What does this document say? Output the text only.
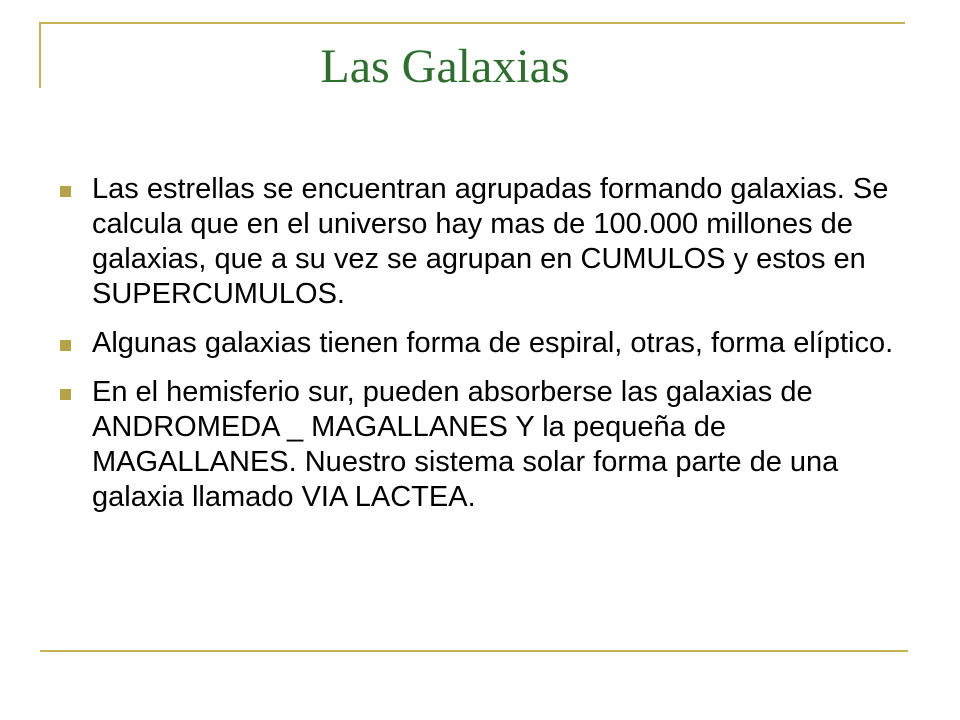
Las Galaxias
Las estrellas se encuentran agrupadas formando galaxias. Se calcula que en el universo hay mas de 100.000 millones de galaxias, que a su vez se agrupan en CUMULOS y estos en SUPERCUMULOS.
Algunas galaxias tienen forma de espiral, otras, forma elíptico.
En el hemisferio sur, pueden absorberse las galaxias de ANDROMEDA _ MAGALLANES Y la pequeña de MAGALLANES. Nuestro sistema solar forma parte de una galaxia llamado VIA LACTEA.
